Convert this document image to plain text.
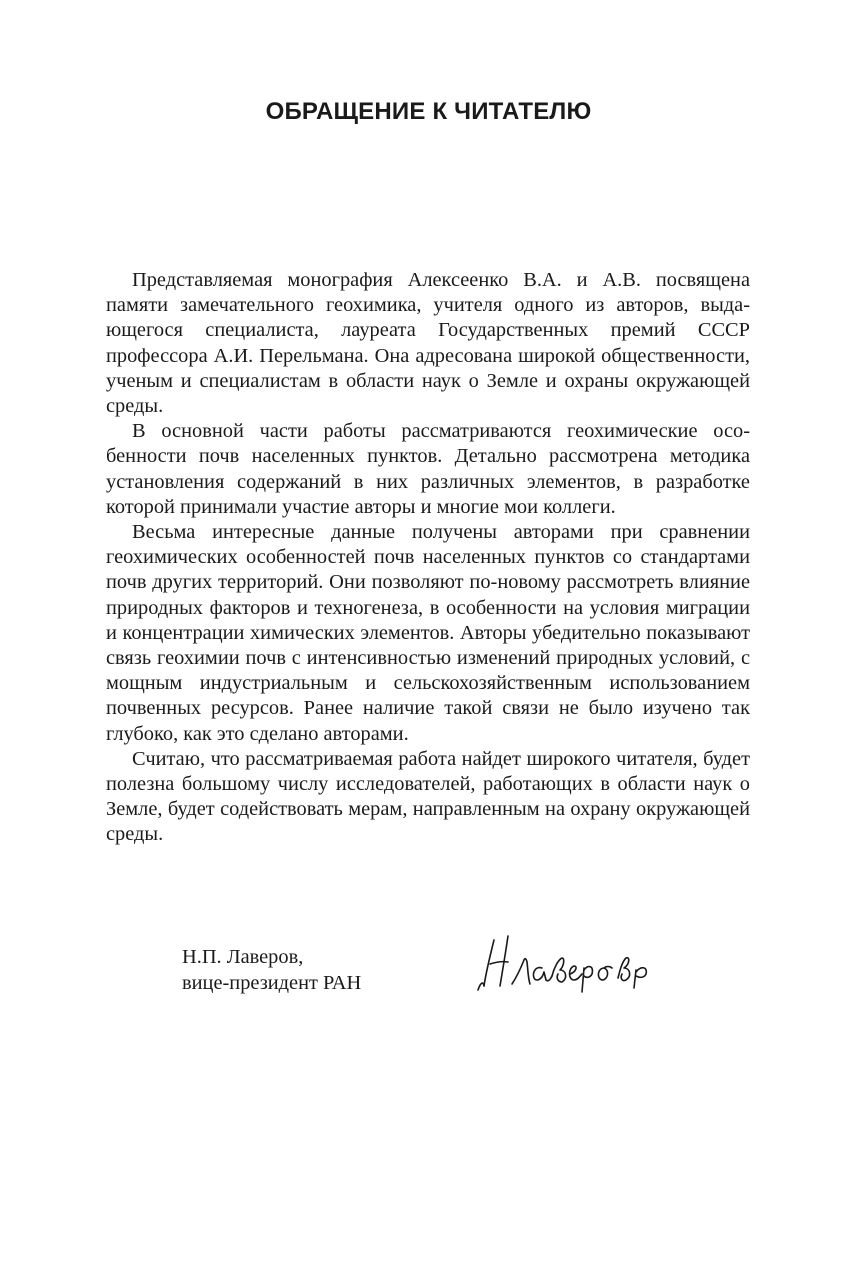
ОБРАЩЕНИЕ К ЧИТАТЕЛЮ

Представляемая монография Алексеенко В.А. и А.В. посвящена памяти замечательного геохимика, учителя одного из авторов, выдающегося специалиста, лауреата Государственных премий СССР профессора А.И. Перельмана. Она адресована широкой общественности, ученым и специалистам в области наук о Земле и охраны окружающей среды.

В основной части работы рассматриваются геохимические особенности почв населенных пунктов. Детально рассмотрена методика установления содержаний в них различных элементов, в разработке которой принимали участие авторы и многие мои коллеги.

Весьма интересные данные получены авторами при сравнении геохимических особенностей почв населенных пунктов со стандартами почв других территорий. Они позволяют по-новому рассмотреть влияние природных факторов и техногенеза, в особенности на условия миграции и концентрации химических элементов. Авторы убедительно показывают связь геохимии почв с интенсивностью изменений природных условий, с мощным индустриальным и сельскохозяйственным использованием почвенных ресурсов. Ранее наличие такой связи не было изучено так глубоко, как это сделано авторами.

Считаю, что рассматриваемая работа найдет широкого читателя, будет полезна большому числу исследователей, работающих в области наук о Земле, будет содействовать мерам, направленным на охрану окружающей среды.

Н.П. Лаверов,
вице-президент РАН
